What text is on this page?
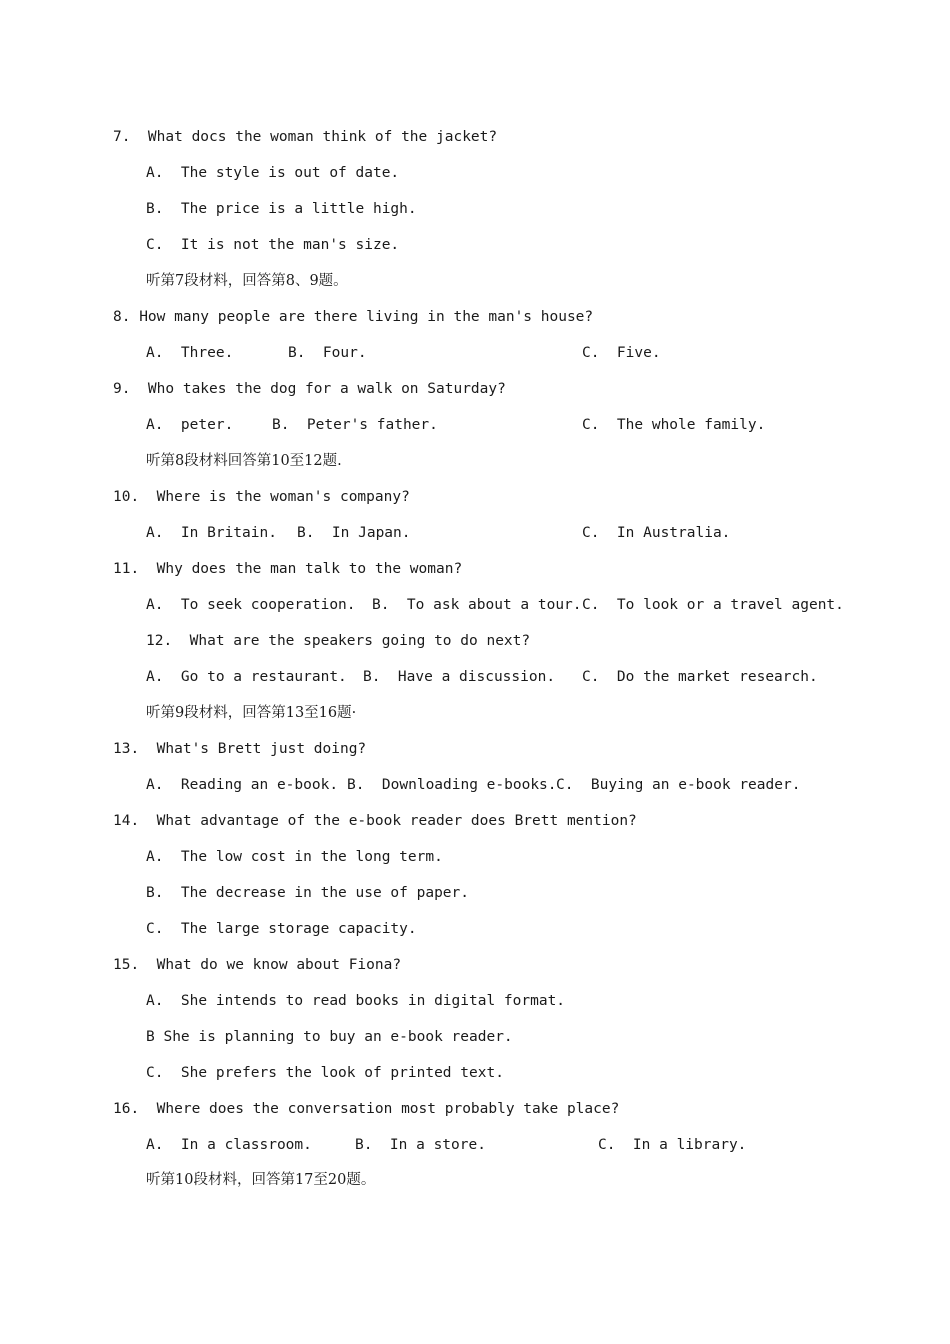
7.  What docs the woman think of the jacket?
A.  The style is out of date.
B.  The price is a little high.
C.  It is not the man's size.
听第7段材料，回答第8、9题。
8. How many people are there living in the man's house?

A.  Three.

	B.  Four.

	C.  Five.

9.  Who takes the dog for a walk on Saturday?

A.  peter.

	B.  Peter's father.

	C.  The whole family.

听第8段材料回答第10至12题.
10.  Where is the woman's company?

A.  In Britain.

B.  In Japan.

	C.  In Australia.

11.  Why does the man talk to the woman?

A.  To seek cooperation.

B.  To ask about a tour.

C.  To look or a travel agent.

12.  What are the speakers going to do next?

A.  Go to a restaurant.

B.  Have a discussion.

C.  Do the market research.

听第9段材料，回答第13至16题·
13.  What's Brett just doing?

A.  Reading an e-book.

B.  Downloading e-books.

C.  Buying an e-book reader.

14.  What advantage of the e-book reader does Brett mention?
A.  The low cost in the long term.
B.  The decrease in the use of paper.
C.  The large storage capacity.
15.  What do we know about Fiona?
A.  She intends to read books in digital format.
B She is planning to buy an e-book reader.
C.  She prefers the look of printed text.
16.  Where does the conversation most probably take place?

A.  In a classroom.

	B.  In a store.

	C.  In a library.

听第10段材料，回答第17至20题。
